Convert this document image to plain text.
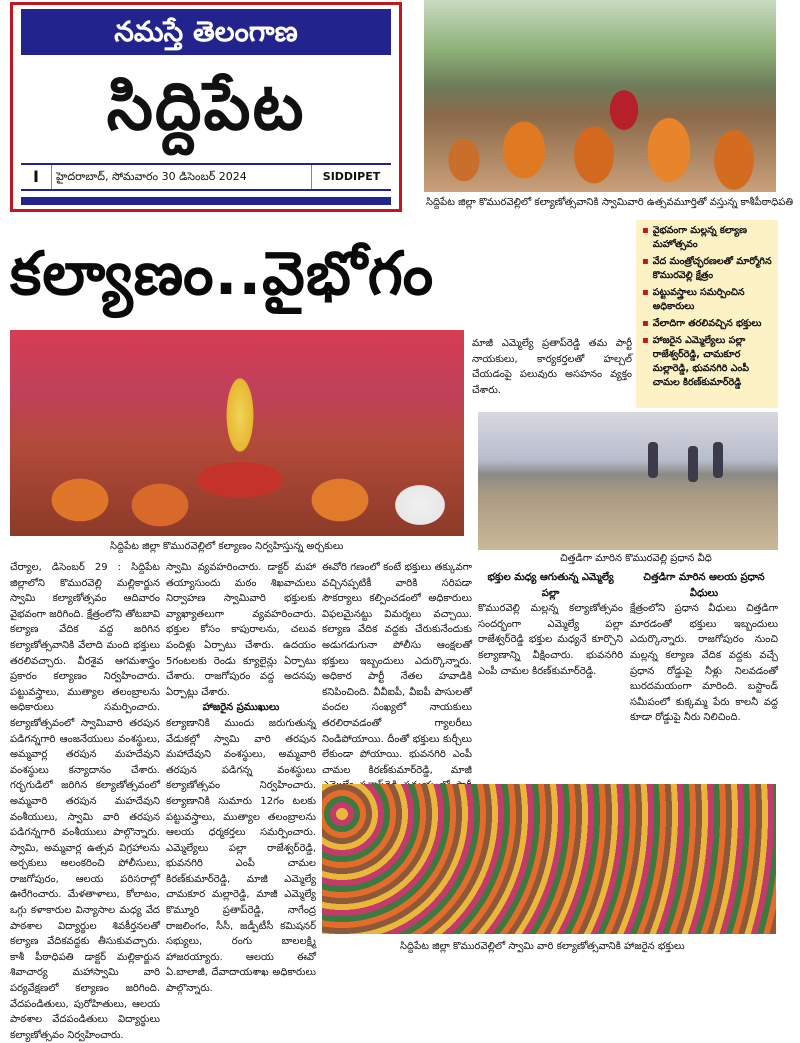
నమస్తే తెలంగాణ
సిద్దిపేట
I	హైదరాబాద్‌, సోమవారం 30 డిసెంబర్‌ 2024	SIDDIPET
సిద్దిపేట జిల్లా కొమురవెల్లిలో కల్యాణోత్సవానికి స్వామివారి ఉత్సవమూర్తితో వస్తున్న కాశీపీఠాధిపతి
కల్యాణం..వైభోగం
▪ వైభవంగా మల్లన్న కల్యాణ మహోత్సవం
▪ వేద మంత్రోచ్ఛరణలతో మార్మోగిన కొమురవెల్లి క్షేత్రం
▪ పట్టువస్త్రాలు సమర్పించిన అధికారులు
▪ వేలాదిగా తరలివచ్చిన భక్తులు
▪ హాజరైన ఎమ్మెల్యేలు పల్లా రాజేశ్వర్‌రెడ్డి, చామకూర మల్లారెడ్డి, భువనగిరి ఎంపీ చామల కిరణ్‌కుమార్‌రెడ్డి
సిద్దిపేట జిల్లా కొమురవెల్లిలో కల్యాణం నిర్వహిస్తున్న అర్చకులు
మాజీ ఎమ్మెల్యే ప్రతాప్‌రెడ్డి తమ పార్టీ నాయకులు, కార్యకర్తలతో హల్చల్‌ చేయడంపై పలువురు అసహనం వ్యక్తం చేశారు.
చిత్తడిగా మారిన కొమురవెల్లి ప్రధాన వీధి
చేర్యాల, డిసెంబర్‌ 29 : సిద్దిపేట జిల్లాలోని కొమురవెల్లి మల్లికార్జున స్వామి కల్యాణోత్సవం ఆదివారం వైభవంగా జరిగింది. క్షేత్రంలోని తోటబావి కల్యాణ వేదిక వద్ద జరిగిన కల్యాణోత్సవానికి వేలాది మంది భక్తులు తరలివచ్చారు. వీరశైవ ఆగమశాస్త్రం ప్రకారం కల్యాణం నిర్వహించారు. పట్టువస్త్రాలు, ముత్యాల తలంబ్రాలను అధికారులు సమర్పించారు. కల్యాణోత్సవంలో స్వామివారి తరపున పడిగన్నగారి ఆంజనేయులు వంశస్థులు, అమ్మవార్ల తరపున మహదేవుని వంశస్థులు కన్యాదానం చేశారు. గర్భగుడిలో జరిగిన కల్యాణోత్సవంలో అమ్మవారి తరపున మహదేవుని వంశీయులు, స్వామి వారి తరపున పడిగన్నగారి వంశీయులు పాల్గొన్నారు. స్వామి, అమ్మవార్ల ఉత్సవ విగ్రహాలను అర్చకులు అలంకరించి పోలీసులు, రాజగోపురం, ఆలయ పరిసరాల్లో ఊరేగించారు. మేళతాళాలు, కోలాటం, ఒగ్గు కళాకారుల విన్యాసాల మధ్య వేద పాఠశాల విద్యార్థుల శివకీర్తనలతో కల్యాణ వేదికవద్దకు తీసుకువచ్చారు. కాశీ పీఠాధిపతి డాక్టర్‌ మల్లికార్జున శివాచార్య మహాస్వామి వారి పర్యవేక్షణలో కల్యాణం జరిగింది. వేదపండితులు, పురోహితులు, ఆలయ పాఠశాల వేదపండితులు విద్యార్థులు కల్యాణోత్సవం నిర్వహించారు.
స్వామి వ్యవహరించారు. డాక్టర్‌ మహా తయ్యాసుందు మఠం శిఖవాచులు నిర్వాహణ స్వామివారి భక్తులకు వ్యాఖ్యాతలుగా వ్యవహరించారు. భక్తుల కోసం కాపురాలను, చలువ పందిళ్లు ఏర్పాటు చేశారు. ఉదయం 5గంటలకు రెండు క్యూలైన్లు ఏర్పాటు చేశారు. రాజగోపురం వద్ద అదనపు ఏర్పాట్లు చేశారు.
హాజరైన ప్రముఖులు
కల్యాణానికి ముందు జరుగుతున్న వేడుకల్లో స్వామి వారి తరపున మహాదేవుని వంశస్థులు, అమ్మవారి తరపున పడిగన్న వంశస్థులు కల్యాణోత్సవం నిర్వహించారు. కల్యాణానికి సుమారు 12గం టలకు పట్టువస్త్రాలు, ముత్యాల తలంబ్రాలను ఆలయ ధర్మకర్తలు సమర్పించారు. ఎమ్మెల్యేలు పల్లా రాజేశ్వర్‌రెడ్డి, భువనగిరి ఎంపీ చామల కిరణ్‌కుమార్‌రెడ్డి, మాజీ ఎమ్మెల్యే చామకూర మల్లారెడ్డి, మాజీ ఎమ్మెల్యే కొమ్మూరి ప్రతాప్‌రెడ్డి, నాగేంద్ర రాజలింగం, సీసీ, జడ్పీటీసీ కమిషనర్‌ సభ్యులు, రంగు బాలలక్ష్మి హాజరయ్యారు. ఆలయ ఈవో ఏ.బాలాజీ, దేవాదాయశాఖ అధికారులు పాల్గొన్నారు.
ఈవోరి గణంలో కంటే భక్తులు తక్కువగా వచ్చినప్పటికీ వారికి సరిపడా సౌకర్యాలు కల్పించడంలో అధికారులు విఫలమైనట్టు విమర్శలు వచ్చాయి. కల్యాణ వేదిక వద్దకు చేరుకునేందుకు అడుగడుగునా పోలీసు ఆంక్షలతో భక్తులు ఇబ్బందులు ఎదుర్కొన్నారు. అధికార పార్టీ నేతల హవాడికి కనిపించింది. వీవీఐపీ, వీఐపీ పాసులతో వందల సంఖ్యలో నాయకులు తరలిరావడంతో గ్యాలరీలు నిండిపోయాయి. దీంతో భక్తులు కుర్చీలు లేకుండా పోయాయి. భువనగిరి ఎంపీ చామల కిరణ్‌కుమార్‌రెడ్డి, మాజీ
భక్తుల మధ్య ఆగుతున్న ఎమ్మెల్యే పల్లా
కొమురవెల్లి మల్లన్న కల్యాణోత్సవం సందర్భంగా ఎమ్మెల్యే పల్లా రాజేశ్వర్‌రెడ్డి భక్తుల మధ్యనే కూర్చొని కల్యాణాన్ని వీక్షించారు. భువనగిరి ఎంపీ చామల కిరణ్‌కుమార్‌రెడ్డి.
చిత్తడిగా మారిన ఆలయ ప్రధాన వీధులు
క్షేత్రంలోని ప్రధాన వీధులు చిత్తడిగా మారడంతో భక్తులు ఇబ్బందులు ఎదుర్కొన్నారు. రాజగోపురం నుంచి మల్లన్న కల్యాణ వేదిక వద్దకు వచ్చే ప్రధాన రోడ్డుపై నీళ్లు నిలవడంతో బురదమయంగా మారింది. బస్టాండ్‌ సమీపంలో కుక్కమ్మ పేరు కాలనీ వద్ద కూడా రోడ్డుపై నీరు నిలిచింది.
సిద్దిపేట జిల్లా కొమురవెల్లిలో స్వామి వారి కల్యాణోత్సవానికి హాజరైన భక్తులు
